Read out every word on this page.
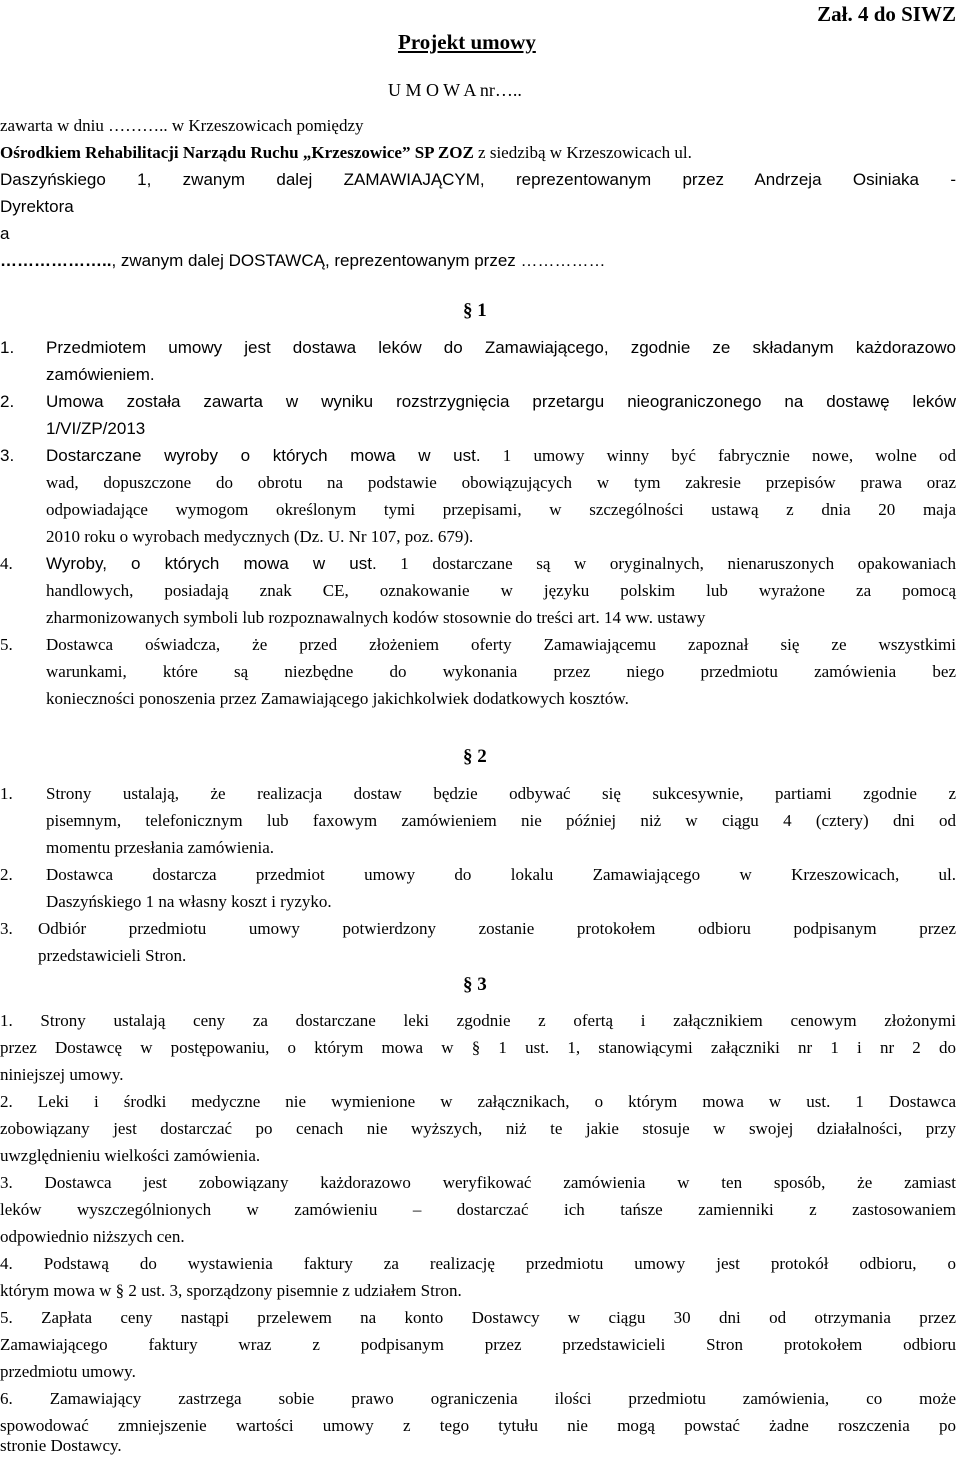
Projekt umowy
Zał. 4 do SIWZ
U M O W A nr…..
zawarta w dniu ……….. w Krzeszowicach pomiędzy
Ośrodkiem Rehabilitacji Narządu Ruchu „Krzeszowice” SP ZOZ z siedzibą w Krzeszowicach ul.
Daszyńskiego 1, zwanym dalej ZAMAWIAJĄCYM, reprezentowanym przez Andrzeja Osiniaka -
Dyrektora
a
……………….., zwanym dalej DOSTAWCĄ, reprezentowanym przez ……………
§ 1
1. Przedmiotem umowy jest dostawa leków do Zamawiającego, zgodnie ze składanym każdorazowo
zamówieniem.
2. Umowa została zawarta w wyniku rozstrzygnięcia przetargu nieograniczonego na dostawę leków
1/VI/ZP/2013
3. Dostarczane wyroby o których mowa w ust. 1 umowy winny być fabrycznie nowe, wolne od
wad, dopuszczone do obrotu na podstawie obowiązujących w tym zakresie przepisów prawa oraz
odpowiadające wymogom określonym tymi przepisami, w szczególności ustawą z dnia 20 maja
2010 roku o wyrobach medycznych (Dz. U. Nr 107, poz. 679).
4. Wyroby, o których mowa w ust. 1 dostarczane są w oryginalnych, nienaruszonych opakowaniach
handlowych, posiadają znak CE, oznakowanie w języku polskim lub wyrażone za pomocą
zharmonizowanych symboli lub rozpoznawalnych kodów stosownie do treści art. 14 ww. ustawy
5. Dostawca oświadcza, że przed złożeniem oferty Zamawiającemu zapoznał się ze wszystkimi
warunkami, które są niezbędne do wykonania przez niego przedmiotu zamówienia bez
konieczności ponoszenia przez Zamawiającego jakichkolwiek dodatkowych kosztów.
§ 2
1. Strony ustalają, że realizacja dostaw będzie odbywać się sukcesywnie, partiami zgodnie z
pisemnym, telefonicznym lub faxowym zamówieniem nie później niż w ciągu 4 (cztery) dni od
momentu przesłania zamówienia.
2. Dostawca dostarcza przedmiot umowy do lokalu Zamawiającego w Krzeszowicach, ul.
Daszyńskiego 1 na własny koszt i ryzyko.
3. Odbiór przedmiotu umowy potwierdzony zostanie protokołem odbioru podpisanym przez
przedstawicieli Stron.
§ 3
1. Strony ustalają ceny za dostarczane leki zgodnie z ofertą i załącznikiem cenowym złożonymi
przez Dostawcę w postępowaniu, o którym mowa w § 1 ust. 1, stanowiącymi załączniki nr 1 i nr 2 do
niniejszej umowy.
2. Leki i środki medyczne nie wymienione w załącznikach, o którym mowa w ust. 1 Dostawca
zobowiązany jest dostarczać po cenach nie wyższych, niż te jakie stosuje w swojej działalności, przy
uwzględnieniu wielkości zamówienia.
3. Dostawca jest zobowiązany każdorazowo weryfikować zamówienia w ten sposób, że zamiast
leków wyszczególnionych w zamówieniu – dostarczać ich tańsze zamienniki z zastosowaniem
odpowiednio niższych cen.
4. Podstawą do wystawienia faktury za realizację przedmiotu umowy jest protokół odbioru, o
którym mowa w § 2 ust. 3, sporządzony pisemnie z udziałem Stron.
5. Zapłata ceny nastąpi przelewem na konto Dostawcy w ciągu 30 dni od otrzymania przez
Zamawiającego faktury wraz z podpisanym przez przedstawicieli Stron protokołem odbioru
przedmiotu umowy.
6. Zamawiający zastrzega sobie prawo ograniczenia ilości przedmiotu zamówienia, co może
spowodować zmniejszenie wartości umowy z tego tytułu nie mogą powstać żadne roszczenia po
stronie Dostawcy.
